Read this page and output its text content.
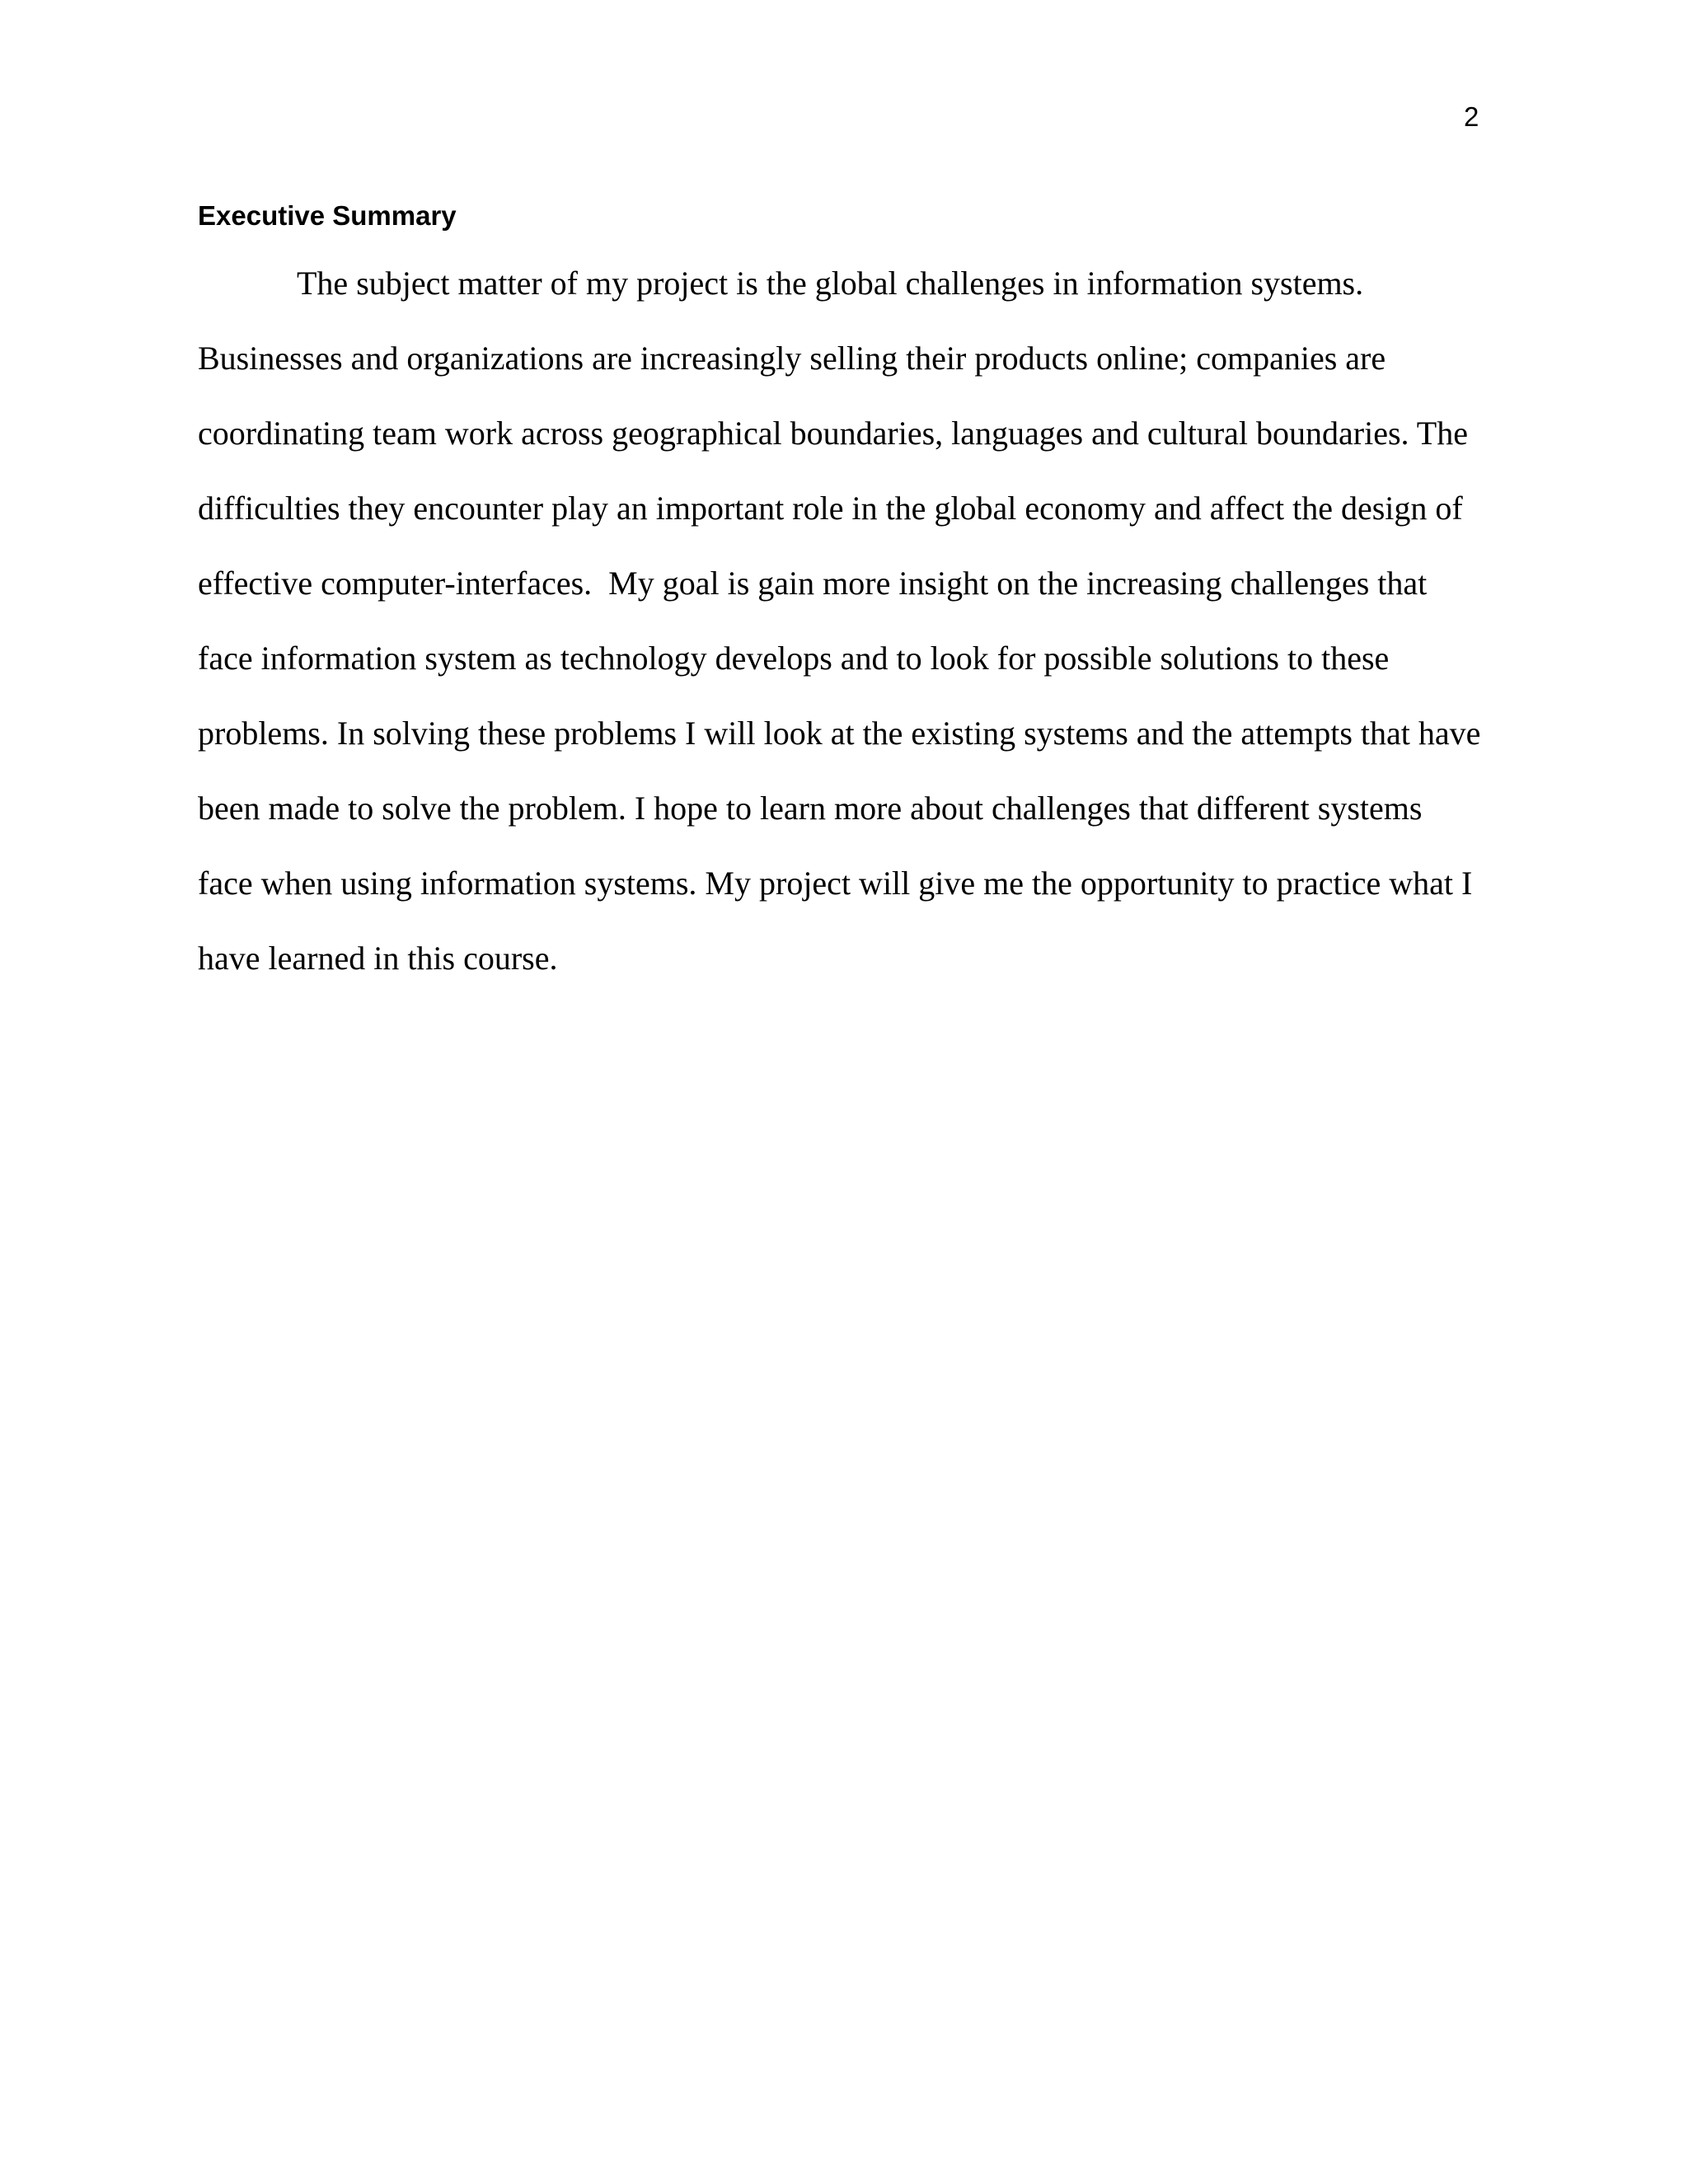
2
Executive Summary
The subject matter of my project is the global challenges in information systems.
Businesses and organizations are increasingly selling their products online; companies are
coordinating team work across geographical boundaries, languages and cultural boundaries. The
difficulties they encounter play an important role in the global economy and affect the design of
effective computer-interfaces.  My goal is gain more insight on the increasing challenges that
face information system as technology develops and to look for possible solutions to these
problems. In solving these problems I will look at the existing systems and the attempts that have
been made to solve the problem. I hope to learn more about challenges that different systems
face when using information systems. My project will give me the opportunity to practice what I
have learned in this course.
